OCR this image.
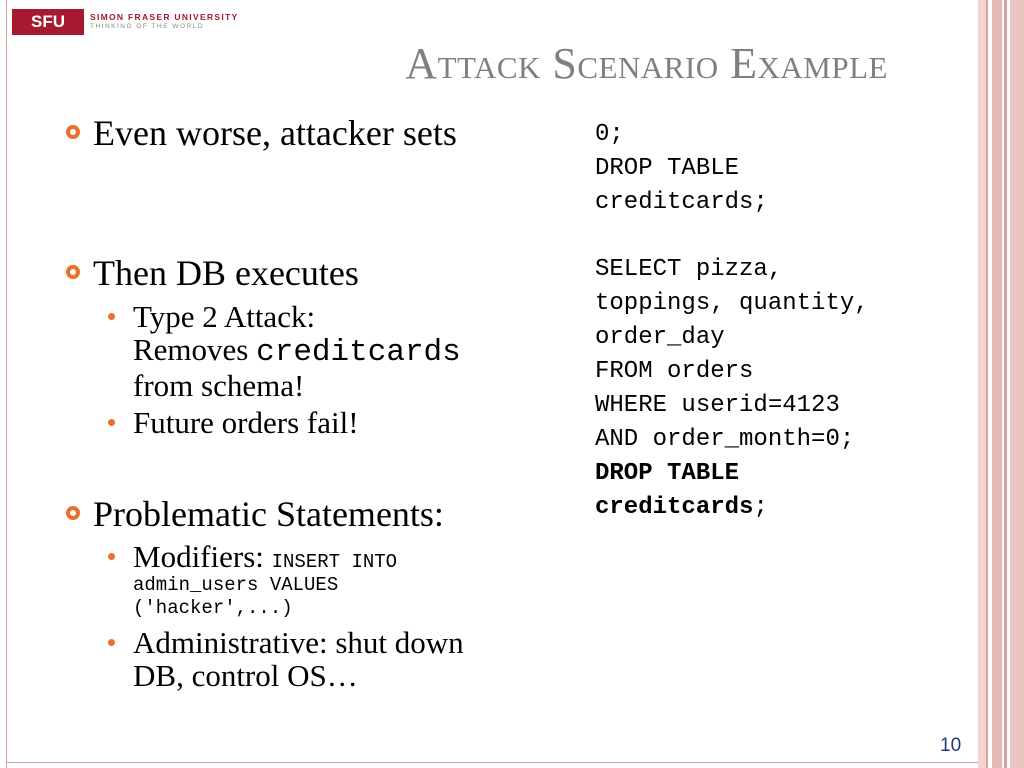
SFU	SIMON FRASER UNIVERSITY
THINKING OF THE WORLD
Attack Scenario Example
Even worse, attacker sets
Then DB executes
Type 2 Attack:
Removes creditcards
from schema!
Future orders fail!
Problematic Statements:
Modifiers: INSERT INTO
admin_users VALUES
('hacker',...)
Administrative: shut down
DB, control OS…
0;
DROP TABLE
creditcards;
SELECT pizza,
toppings, quantity,
order_day
FROM orders
WHERE userid=4123
AND order_month=0;
DROP TABLE
creditcards;
10
